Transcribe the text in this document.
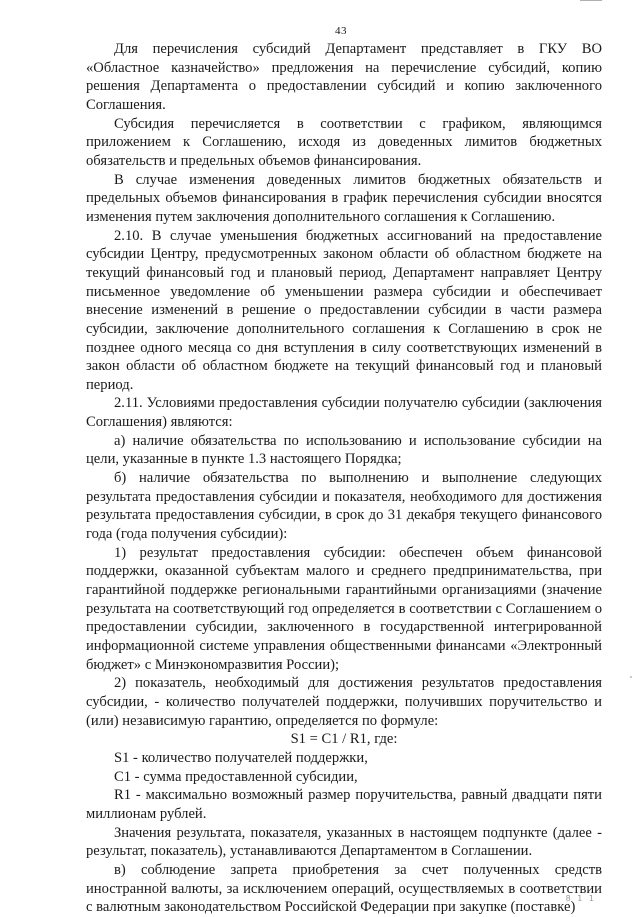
43

Для перечисления субсидий Департамент представляет в ГКУ ВО «Областное казначейство» предложения на перечисление субсидий, копию решения Департамента о предоставлении субсидий и копию заключенного Соглашения.

Субсидия перечисляется в соответствии с графиком, являющимся приложением к Соглашению, исходя из доведенных лимитов бюджетных обязательств и предельных объемов финансирования.

В случае изменения доведенных лимитов бюджетных обязательств и предельных объемов финансирования в график перечисления субсидии вносятся изменения путем заключения дополнительного соглашения к Соглашению.

2.10. В случае уменьшения бюджетных ассигнований на предоставление субсидии Центру, предусмотренных законом области об областном бюджете на текущий финансовый год и плановый период, Департамент направляет Центру письменное уведомление об уменьшении размера субсидии и обеспечивает внесение изменений в решение о предоставлении субсидии в части размера субсидии, заключение дополнительного соглашения к Соглашению в срок не позднее одного месяца со дня вступления в силу соответствующих изменений в закон области об областном бюджете на текущий финансовый год и плановый период.

2.11. Условиями предоставления субсидии получателю субсидии (заключения Соглашения) являются:

а) наличие обязательства по использованию и использование субсидии на цели, указанные в пункте 1.3 настоящего Порядка;

б) наличие обязательства по выполнению и выполнение следующих результата предоставления субсидии и показателя, необходимого для достижения результата предоставления субсидии, в срок до 31 декабря текущего финансового года (года получения субсидии):

1) результат предоставления субсидии: обеспечен объем финансовой поддержки, оказанной субъектам малого и среднего предпринимательства, при гарантийной поддержке региональными гарантийными организациями (значение результата на соответствующий год определяется в соответствии с Соглашением о предоставлении субсидии, заключенного в государственной интегрированной информационной системе управления общественными финансами «Электронный бюджет» с Минэкономразвития России);

2) показатель, необходимый для достижения результатов предоставления субсидии, - количество получателей поддержки, получивших поручительство и (или) независимую гарантию, определяется по формуле:

S1 = C1 / R1, где:

S1 - количество получателей поддержки,

C1 - сумма предоставленной субсидии,

R1 - максимально возможный размер поручительства, равный двадцати пяти миллионам рублей.

Значения результата, показателя, указанных в настоящем подпункте (далее - результат, показатель), устанавливаются Департаментом в Соглашении.

в) соблюдение запрета приобретения за счет полученных средств иностранной валюты, за исключением операций, осуществляемых в соответствии с валютным законодательством Российской Федерации при закупке (поставке)

8 1 1
